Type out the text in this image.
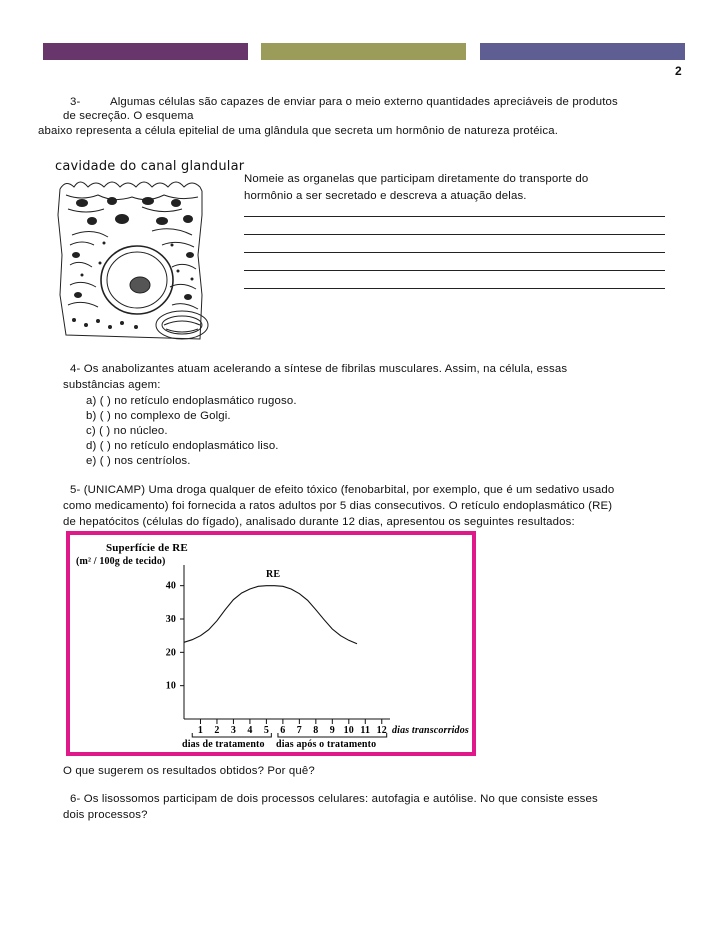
2
3-	Algumas células são capazes de enviar para o meio externo quantidades apreciáveis de produtos
de secreção. O esquema
abaixo representa a célula epitelial de uma glândula que secreta um hormônio de natureza protéica.
cavidade do canal glandular
Nomeie as organelas que participam diretamente do transporte do
hormônio a ser secretado e descreva a atuação delas.
4- Os anabolizantes atuam acelerando a síntese de fibrilas musculares. Assim, na célula, essas
substâncias agem:
a) ( ) no retículo endoplasmático rugoso.
b) ( ) no complexo de Golgi.
c) ( ) no núcleo.
d) ( ) no retículo endoplasmático liso.
e) ( ) nos centríolos.
5- (UNICAMP) Uma droga qualquer de efeito tóxico (fenobarbital, por exemplo, que é um sedativo usado
como medicamento) foi fornecida a ratos adultos por 5 dias consecutivos. O retículo endoplasmático (RE)
de hepatócitos (células do fígado), analisado durante 12 dias, apresentou os seguintes resultados:
Superfície de RE
(m² / 100g de tecido)
10
20
30
40
1 2 3 4 5 6 7 8 9 10 11 12
RE
dias transcorridos
dias de tratamento dias após o tratamento
O que sugerem os resultados obtidos? Por quê?
6- Os lisossomos participam de dois processos celulares: autofagia e autólise. No que consiste esses
dois processos?
